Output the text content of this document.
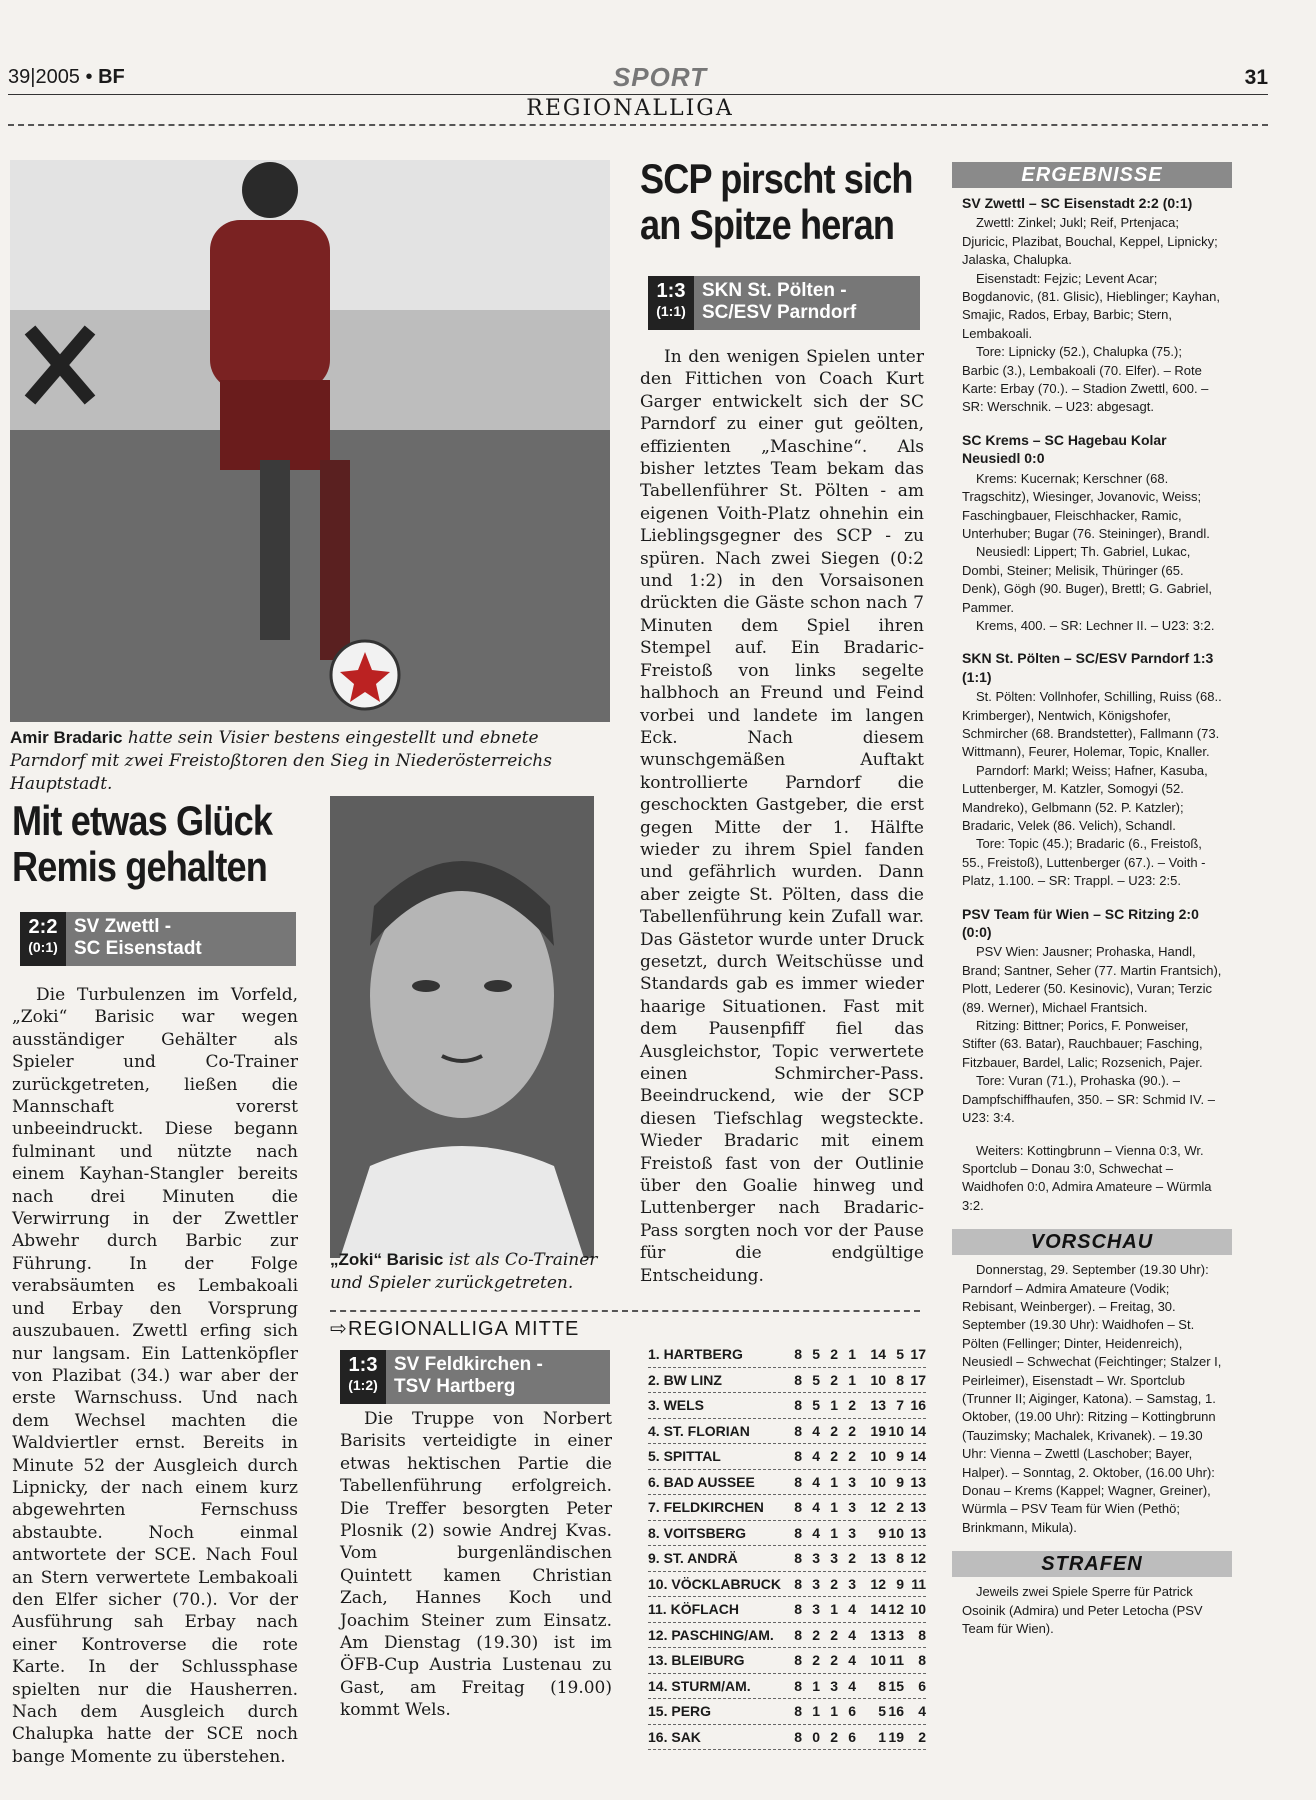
39|2005 • BF	SPORT	31
REGIONALLIGA
Amir Bradaric hatte sein Visier bestens eingestellt und ebnete Parndorf mit zwei Freistoßtoren den Sieg in Niederösterreichs Hauptstadt.
Mit etwas Glück Remis gehalten
2:2
(0:1)
SV Zwettl -
SC Eisenstadt

Die Turbulenzen im Vorfeld, „Zoki“ Barisic war wegen ausständiger Gehälter als Spieler und Co-Trainer zurückgetreten, ließen die Mannschaft vorerst unbeeindruckt. Diese begann fulminant und nützte nach einem Kayhan-Stangler bereits nach drei Minuten die Verwirrung in der Zwettler Abwehr durch Barbic zur Führung. In der Folge verabsäumten es Lembakoali und Erbay den Vorsprung auszubauen. Zwettl erfing sich nur langsam. Ein Lattenköpfler von Plazibat (34.) war aber der erste Warnschuss. Und nach dem Wechsel machten die Waldviertler ernst. Bereits in Minute 52 der Ausgleich durch Lipnicky, der nach einem kurz abgewehrten Fernschuss abstaubte. Noch einmal antwortete der SCE. Nach Foul an Stern verwertete Lembakoali den Elfer sicher (70.). Vor der Ausführung sah Erbay nach einer Kontroverse die rote Karte. In der Schlussphase spielten nur die Hausherren. Nach dem Ausgleich durch Chalupka hatte der SCE noch bange Momente zu überstehen.

„Zoki“ Barisic ist als Co-Trainer und Spieler zurückgetreten.
SCP pirscht sich an Spitze heran
1:3
(1:1)
SKN St. Pölten -
SC/ESV Parndorf

In den wenigen Spielen unter den Fittichen von Coach Kurt Garger entwickelt sich der SC Parndorf zu einer gut geölten, effizienten „Maschine“. Als bisher letztes Team bekam das Tabellenführer St. Pölten - am eigenen Voith-Platz ohnehin ein Lieblingsgegner des SCP - zu spüren. Nach zwei Siegen (0:2 und 1:2) in den Vorsaisonen drückten die Gäste schon nach 7 Minuten dem Spiel ihren Stempel auf. Ein Bradaric-Freistoß von links segelte halbhoch an Freund und Feind vorbei und landete im langen Eck. Nach diesem wunschgemäßen Auftakt kontrollierte Parndorf die geschockten Gastgeber, die erst gegen Mitte der 1. Hälfte wieder zu ihrem Spiel fanden und gefährlich wurden. Dann aber zeigte St. Pölten, dass die Tabellenführung kein Zufall war. Das Gästetor wurde unter Druck gesetzt, durch Weitschüsse und Standards gab es immer wieder haarige Situationen. Fast mit dem Pausenpfiff fiel das Ausgleichstor, Topic verwertete einen Schmircher-Pass. Beeindruckend, wie der SCP diesen Tiefschlag wegsteckte. Wieder Bradaric mit einem Freistoß fast von der Outlinie über den Goalie hinweg und Luttenberger nach Bradaric-Pass sorgten noch vor der Pause für die endgültige Entscheidung.

⇨REGIONALLIGA MITTE
1:3
(1:2)
SV Feldkirchen -
TSV Hartberg

Die Truppe von Norbert Barisits verteidigte in einer etwas hektischen Partie die Tabellenführung erfolgreich. Die Treffer besorgten Peter Plosnik (2) sowie Andrej Kvas. Vom burgenländischen Quintett kamen Christian Zach, Hannes Koch und Joachim Steiner zum Einsatz. Am Dienstag (19.30) ist im ÖFB-Cup Austria Lustenau zu Gast, am Freitag (19.00) kommt Wels.

1. HARTBERG	8 5 2 1	14 5 17
2. BW LINZ	8 5 2 1	10 8 17
3. WELS	8 5 1 2	13 7 16
4. ST. FLORIAN	8 4 2 2	19 10 14
5. SPITTAL	8 4 2 2	10 9 14
6. BAD AUSSEE	8 4 1 3	10 9 13
7. FELDKIRCHEN	8 4 1 3	12 2 13
8. VOITSBERG	8 4 1 3	9 10 13
9. ST. ANDRÄ	8 3 3 2	13 8 12
10. VÖCKLABRUCK 8 3 2 3	12 9 11
11. KÖFLACH	8 3 1 4	14 12 10
12. PASCHING/AM.	8 2 2 4	13 13	8
13. BLEIBURG	8 2 2 4	10 11	8
14. STURM/AM.	8 1 3 4	8 15	6
15. PERG	8 1 1 6	5 16	4
16. SAK	8 0 2 6	1 19	2
ERGEBNISSE
SV Zwettl – SC Eisenstadt 2:2 (0:1)
Zwettl: Zinkel; Jukl; Reif, Prtenjaca; Djuricic, Plazibat, Bouchal, Keppel, Lipnicky; Jalaska, Chalupka.
Eisenstadt: Fejzic; Levent Acar; Bogdanovic, (81. Glisic), Hieblinger; Kayhan, Smajic, Rados, Erbay, Barbic; Stern, Lembakoali.
Tore: Lipnicky (52.), Chalupka (75.); Barbic (3.), Lembakoali (70. Elfer). – Rote Karte: Erbay (70.). – Stadion Zwettl, 600. – SR: Werschnik. – U23: abgesagt.
SC Krems – SC Hagebau Kolar Neusiedl 0:0
Krems: Kucernak; Kerschner (68. Tragschitz), Wiesinger, Jovanovic, Weiss; Faschingbauer, Fleischhacker, Ramic, Unterhuber; Bugar (76. Steininger), Brandl.
Neusiedl: Lippert; Th. Gabriel, Lukac, Dombi, Steiner; Melisik, Thüringer (65. Denk), Gögh (90. Buger), Brettl; G. Gabriel, Pammer.
Krems, 400. – SR: Lechner II. – U23: 3:2.
SKN St. Pölten – SC/ESV Parndorf 1:3 (1:1)
St. Pölten: Vollnhofer, Schilling, Ruiss (68.. Krimberger), Nentwich, Königshofer, Schmircher (68. Brandstetter), Fallmann (73. Wittmann), Feurer, Holemar, Topic, Knaller.
Parndorf: Markl; Weiss; Hafner, Kasuba, Luttenberger, M. Katzler, Somogyi (52. Mandreko), Gelbmann (52. P. Katzler); Bradaric, Velek (86. Velich), Schandl.
Tore: Topic (45.); Bradaric (6., Freistoß, 55., Freistoß), Luttenberger (67.). – Voith - Platz, 1.100. – SR: Trappl. – U23: 2:5.
PSV Team für Wien – SC Ritzing 2:0 (0:0)
PSV Wien: Jausner; Prohaska, Handl, Brand; Santner, Seher (77. Martin Frantsich), Plott, Lederer (50. Kesinovic), Vuran; Terzic (89. Werner), Michael Frantsich.
Ritzing: Bittner; Porics, F. Ponweiser, Stifter (63. Batar), Rauchbauer; Fasching, Fitzbauer, Bardel, Lalic; Rozsenich, Pajer.
Tore: Vuran (71.), Prohaska (90.). – Dampfschiffhaufen, 350. – SR: Schmid IV. – U23: 3:4.
Weiters: Kottingbrunn – Vienna 0:3, Wr. Sportclub – Donau 3:0, Schwechat – Waidhofen 0:0, Admira Amateure – Würmla 3:2.
VORSCHAU
Donnerstag, 29. September (19.30 Uhr): Parndorf – Admira Amateure (Vodik; Rebisant, Weinberger). – Freitag, 30. September (19.30 Uhr): Waidhofen – St. Pölten (Fellinger; Dinter, Heidenreich), Neusiedl – Schwechat (Feichtinger; Stalzer I, Peirleimer), Eisenstadt – Wr. Sportclub (Trunner II; Aiginger, Katona). – Samstag, 1. Oktober, (19.00 Uhr): Ritzing – Kottingbrunn (Tauzimsky; Machalek, Krivanek). – 19.30 Uhr: Vienna – Zwettl (Laschober; Bayer, Halper). – Sonntag, 2. Oktober, (16.00 Uhr): Donau – Krems (Kappel; Wagner, Greiner), Würmla – PSV Team für Wien (Pethö; Brinkmann, Mikula).
STRAFEN
Jeweils zwei Spiele Sperre für Patrick Osoinik (Admira) und Peter Letocha (PSV Team für Wien).
